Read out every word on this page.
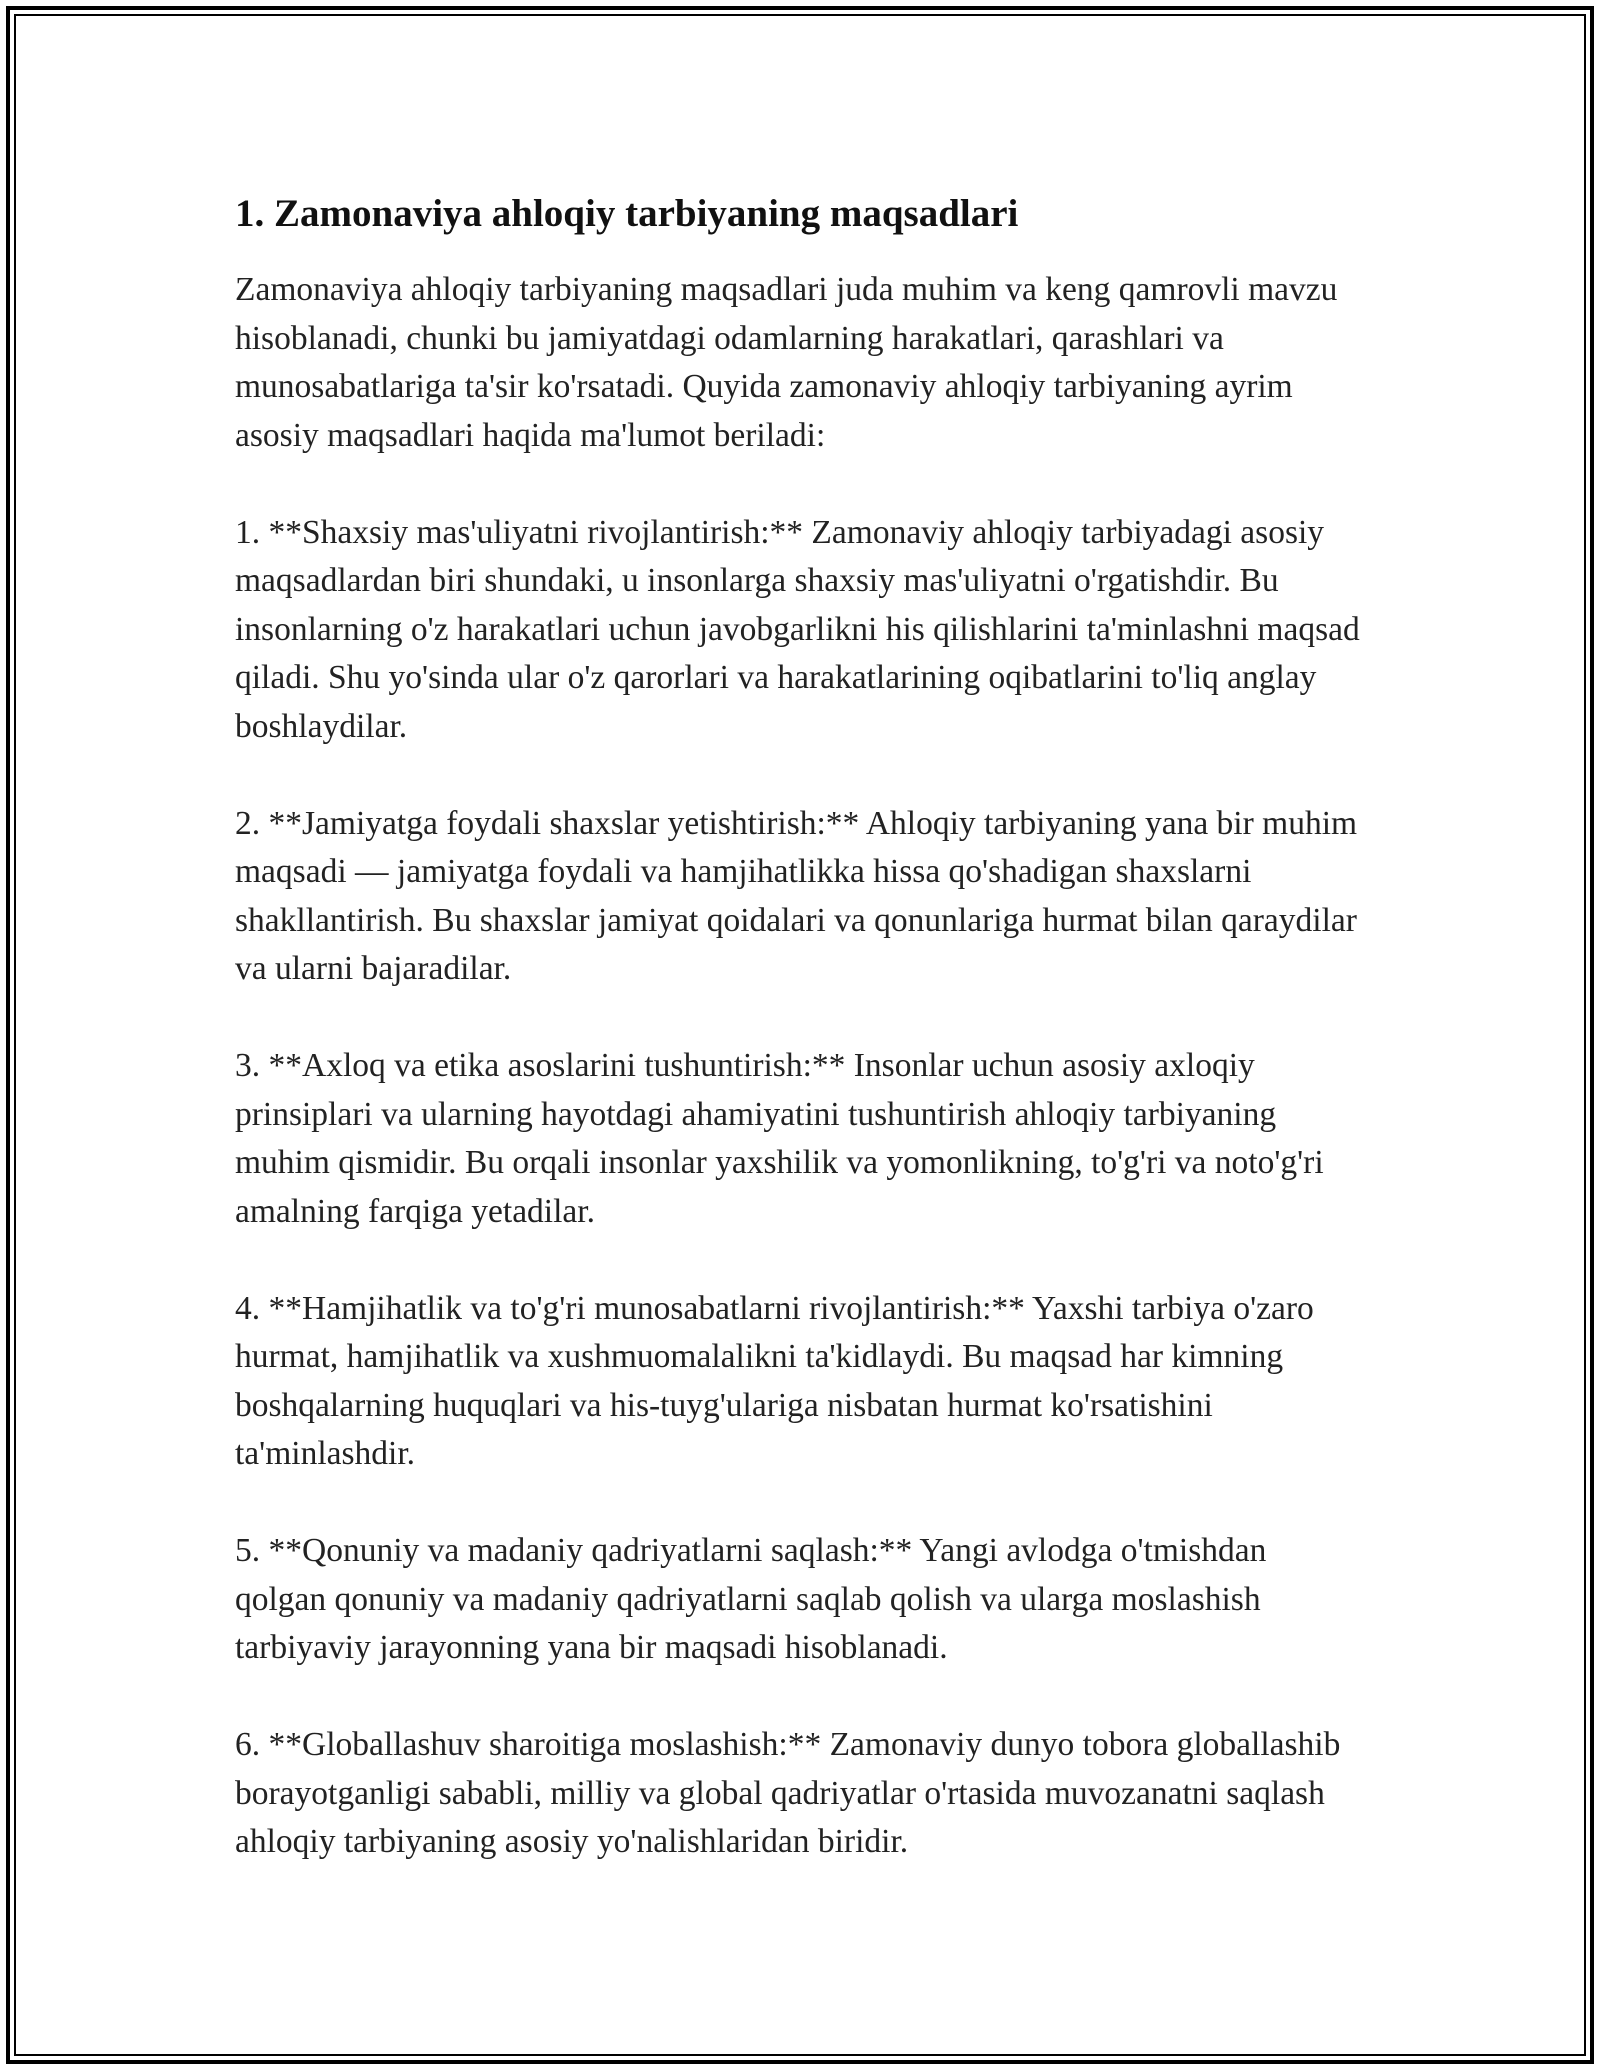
1. Zamonaviya ahloqiy tarbiyaning maqsadlari

Zamonaviya ahloqiy tarbiyaning maqsadlari juda muhim va keng qamrovli mavzu hisoblanadi, chunki bu jamiyatdagi odamlarning harakatlari, qarashlari va munosabatlariga ta'sir ko'rsatadi. Quyida zamonaviy ahloqiy tarbiyaning ayrim asosiy maqsadlari haqida ma'lumot beriladi:

1. **Shaxsiy mas'uliyatni rivojlantirish:** Zamonaviy ahloqiy tarbiyadagi asosiy maqsadlardan biri shundaki, u insonlarga shaxsiy mas'uliyatni o'rgatishdir. Bu insonlarning o'z harakatlari uchun javobgarlikni his qilishlarini ta'minlashni maqsad qiladi. Shu yo'sinda ular o'z qarorlari va harakatlarining oqibatlarini to'liq anglay boshlaydilar.

2. **Jamiyatga foydali shaxslar yetishtirish:** Ahloqiy tarbiyaning yana bir muhim maqsadi — jamiyatga foydali va hamjihatlikka hissa qo'shadigan shaxslarni shakllantirish. Bu shaxslar jamiyat qoidalari va qonunlariga hurmat bilan qaraydilar va ularni bajaradilar.

3. **Axloq va etika asoslarini tushuntirish:** Insonlar uchun asosiy axloqiy prinsiplari va ularning hayotdagi ahamiyatini tushuntirish ahloqiy tarbiyaning muhim qismidir. Bu orqali insonlar yaxshilik va yomonlikning, to'g'ri va noto'g'ri amalning farqiga yetadilar.

4. **Hamjihatlik va to'g'ri munosabatlarni rivojlantirish:** Yaxshi tarbiya o'zaro hurmat, hamjihatlik va xushmuomalalikni ta'kidlaydi. Bu maqsad har kimning boshqalarning huquqlari va his-tuyg'ulariga nisbatan hurmat ko'rsatishini ta'minlashdir.

5. **Qonuniy va madaniy qadriyatlarni saqlash:** Yangi avlodga o'tmishdan qolgan qonuniy va madaniy qadriyatlarni saqlab qolish va ularga moslashish tarbiyaviy jarayonning yana bir maqsadi hisoblanadi.

6. **Globallashuv sharoitiga moslashish:** Zamonaviy dunyo tobora globallashib borayotganligi sababli, milliy va global qadriyatlar o'rtasida muvozanatni saqlash ahloqiy tarbiyaning asosiy yo'nalishlaridan biridir.
